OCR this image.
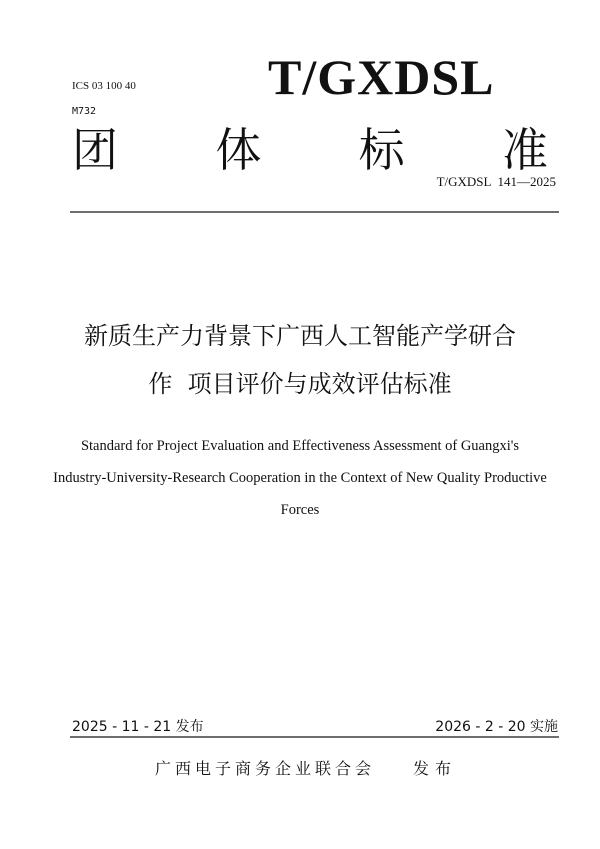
ICS 03 100 40
M732
T/GXDSL
团 体 标 准
T/GXDSL  141—2025
新质生产力背景下广西人工智能产学研合
作  项目评价与成效评估标准
Standard for Project Evaluation and Effectiveness Assessment of Guangxi's
Industry-University-Research Cooperation in the Context of New Quality Productive
Forces
2025 - 11 - 21 发布	2026 - 2 - 20 实施
广西电子商务企业联合会 发布
